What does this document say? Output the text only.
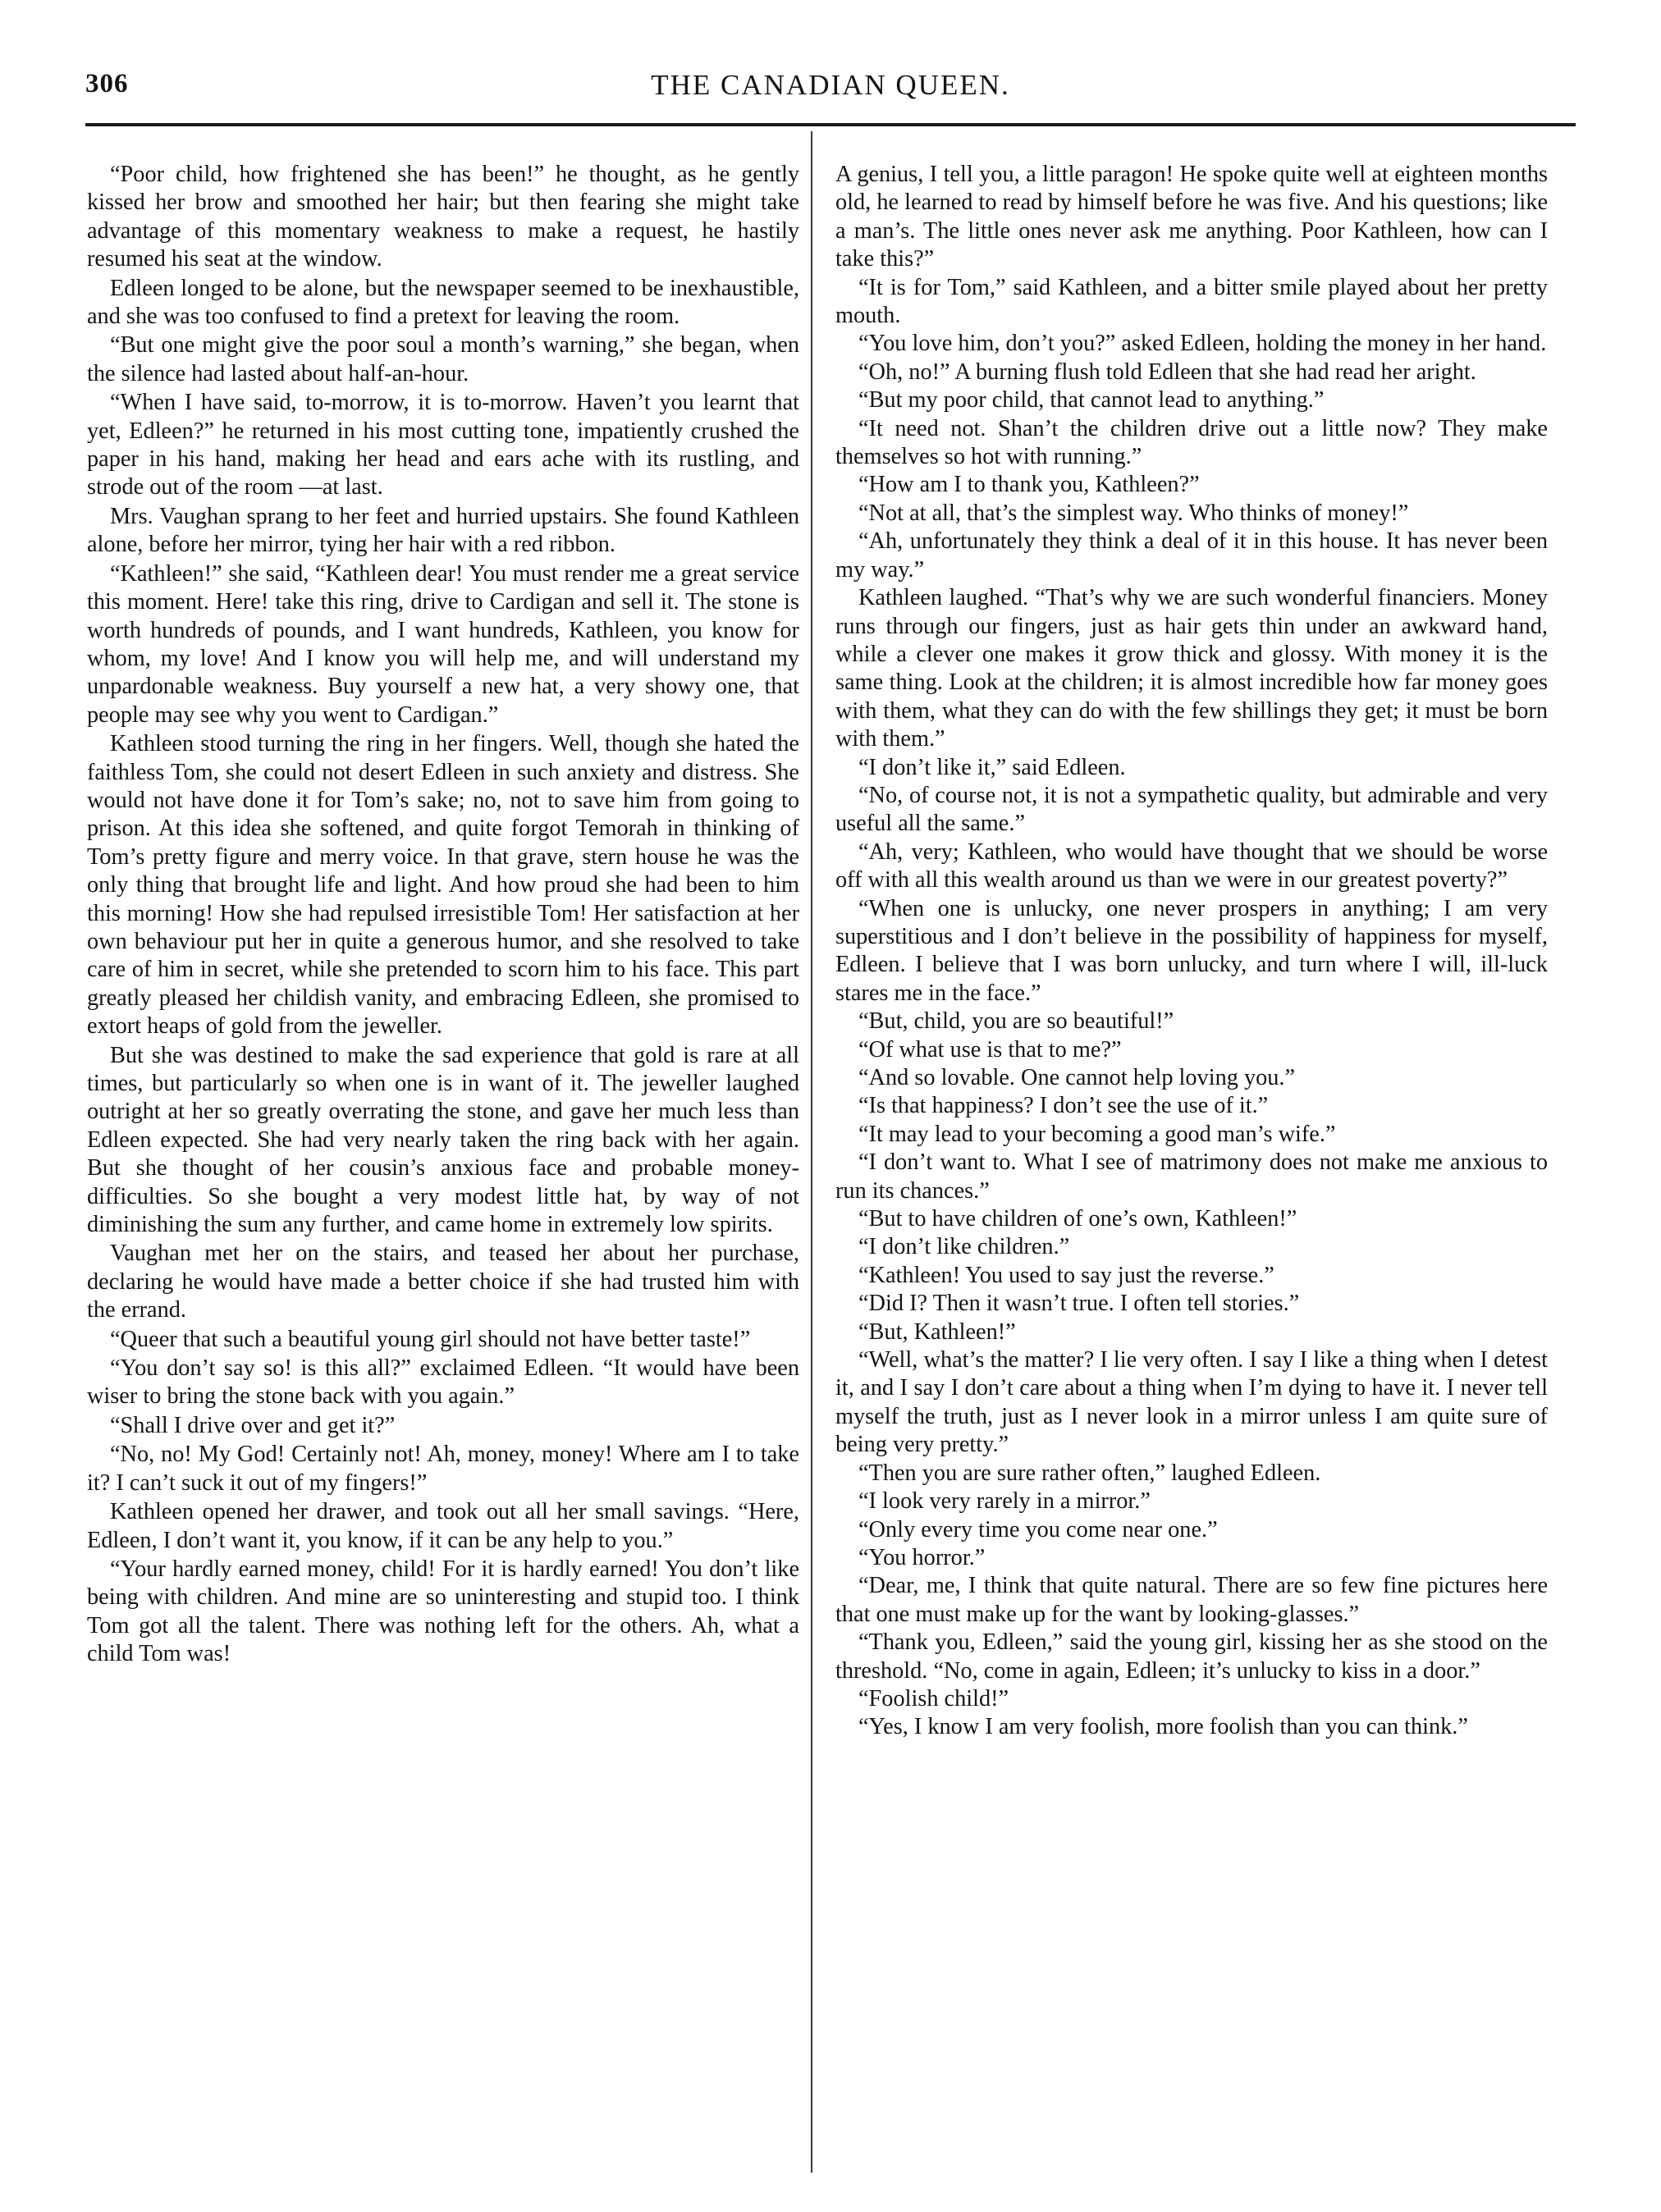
306	THE CANADIAN QUEEN.

“Poor child, how frightened she has been!” he thought, as he gently kissed her brow and smoothed her hair; but then fearing she might take advantage of this momentary weakness to make a request, he hastily resumed his seat at the window.

Edleen longed to be alone, but the newspaper seemed to be inexhaustible, and she was too confused to find a pretext for leaving the room.

“But one might give the poor soul a month’s warning,” she began, when the silence had lasted about half-an-hour.

“When I have said, to-morrow, it is to-morrow. Haven’t you learnt that yet, Edleen?” he returned in his most cutting tone, impatiently crushed the paper in his hand, making her head and ears ache with its rustling, and strode out of the room —at last.

Mrs. Vaughan sprang to her feet and hurried upstairs. She found Kathleen alone, before her mirror, tying her hair with a red ribbon.

“Kathleen!” she said, “Kathleen dear! You must render me a great service this moment. Here! take this ring, drive to Cardigan and sell it. The stone is worth hundreds of pounds, and I want hundreds, Kathleen, you know for whom, my love! And I know you will help me, and will understand my unpardonable weakness. Buy yourself a new hat, a very showy one, that people may see why you went to Cardigan.”

Kathleen stood turning the ring in her fingers. Well, though she hated the faithless Tom, she could not desert Edleen in such anxiety and distress. She would not have done it for Tom’s sake; no, not to save him from going to prison. At this idea she softened, and quite forgot Temorah in thinking of Tom’s pretty figure and merry voice. In that grave, stern house he was the only thing that brought life and light. And how proud she had been to him this morning! How she had repulsed irresistible Tom! Her satisfaction at her own behaviour put her in quite a generous humor, and she resolved to take care of him in secret, while she pretended to scorn him to his face. This part greatly pleased her childish vanity, and embracing Edleen, she promised to extort heaps of gold from the jeweller.

But she was destined to make the sad experience that gold is rare at all times, but particularly so when one is in want of it. The jeweller laughed outright at her so greatly overrating the stone, and gave her much less than Edleen expected. She had very nearly taken the ring back with her again. But she thought of her cousin’s anxious face and probable money-difficulties. So she bought a very modest little hat, by way of not diminishing the sum any further, and came home in extremely low spirits.

Vaughan met her on the stairs, and teased her about her purchase, declaring he would have made a better choice if she had trusted him with the errand.

“Queer that such a beautiful young girl should not have better taste!”

“You don’t say so! is this all?” exclaimed Edleen. “It would have been wiser to bring the stone back with you again.”

“Shall I drive over and get it?”

“No, no! My God! Certainly not! Ah, money, money! Where am I to take it? I can’t suck it out of my fingers!”

Kathleen opened her drawer, and took out all her small savings. “Here, Edleen, I don’t want it, you know, if it can be any help to you.”

“Your hardly earned money, child! For it is hardly earned! You don’t like being with children. And mine are so uninteresting and stupid too. I think Tom got all the talent. There was nothing left for the others. Ah, what a child Tom was!

A genius, I tell you, a little paragon! He spoke quite well at eighteen months old, he learned to read by himself before he was five. And his questions; like a man’s. The little ones never ask me anything. Poor Kathleen, how can I take this?”

“It is for Tom,” said Kathleen, and a bitter smile played about her pretty mouth.

“You love him, don’t you?” asked Edleen, holding the money in her hand.

“Oh, no!” A burning flush told Edleen that she had read her aright.

“But my poor child, that cannot lead to anything.”

“It need not. Shan’t the children drive out a little now? They make themselves so hot with running.”

“How am I to thank you, Kathleen?”

“Not at all, that’s the simplest way. Who thinks of money!”

“Ah, unfortunately they think a deal of it in this house. It has never been my way.”

Kathleen laughed. “That’s why we are such wonderful financiers. Money runs through our fingers, just as hair gets thin under an awkward hand, while a clever one makes it grow thick and glossy. With money it is the same thing. Look at the children; it is almost incredible how far money goes with them, what they can do with the few shillings they get; it must be born with them.”

“I don’t like it,” said Edleen.

“No, of course not, it is not a sympathetic quality, but admirable and very useful all the same.”

“Ah, very; Kathleen, who would have thought that we should be worse off with all this wealth around us than we were in our greatest poverty?”

“When one is unlucky, one never prospers in anything; I am very superstitious and I don’t believe in the possibility of happiness for myself, Edleen. I believe that I was born unlucky, and turn where I will, ill-luck stares me in the face.”

“But, child, you are so beautiful!”

“Of what use is that to me?”

“And so lovable. One cannot help loving you.”

“Is that happiness? I don’t see the use of it.”

“It may lead to your becoming a good man’s wife.”

“I don’t want to. What I see of matrimony does not make me anxious to run its chances.”

“But to have children of one’s own, Kathleen!”

“I don’t like children.”

“Kathleen! You used to say just the reverse.”

“Did I? Then it wasn’t true. I often tell stories.”

“But, Kathleen!”

“Well, what’s the matter? I lie very often. I say I like a thing when I detest it, and I say I don’t care about a thing when I’m dying to have it. I never tell myself the truth, just as I never look in a mirror unless I am quite sure of being very pretty.”

“Then you are sure rather often,” laughed Edleen.

“I look very rarely in a mirror.”

“Only every time you come near one.”

“You horror.”

“Dear, me, I think that quite natural. There are so few fine pictures here that one must make up for the want by looking-glasses.”

“Thank you, Edleen,” said the young girl, kissing her as she stood on the threshold. “No, come in again, Edleen; it’s unlucky to kiss in a door.”

“Foolish child!”

“Yes, I know I am very foolish, more foolish than you can think.”
